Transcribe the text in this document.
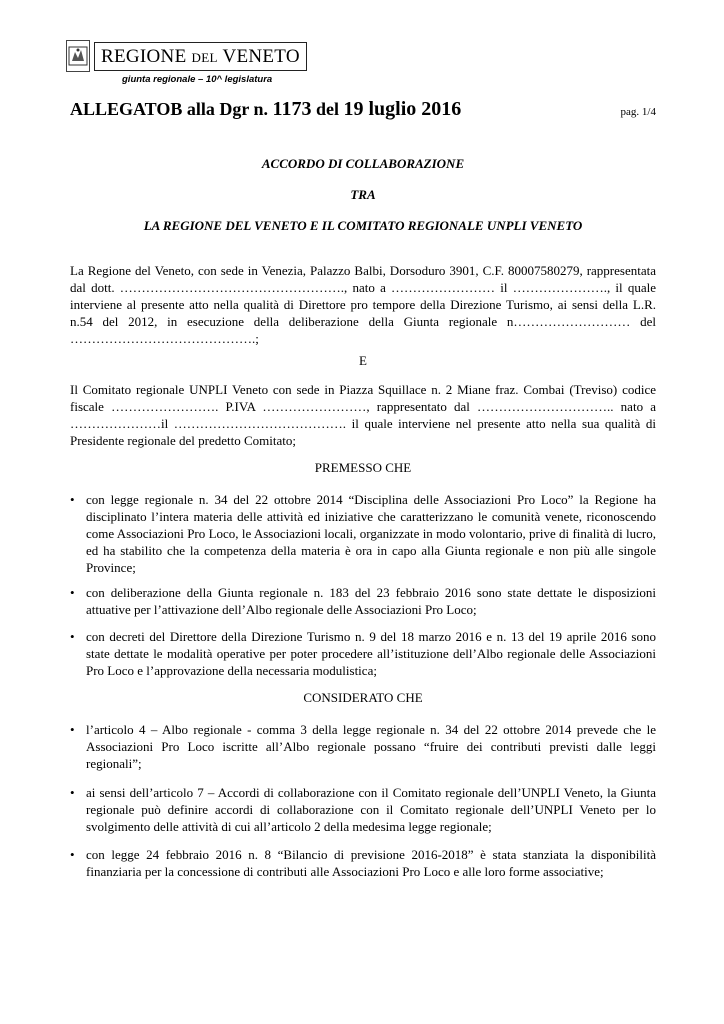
REGIONE DEL VENETO
giunta regionale – 10^ legislatura
ALLEGATOB alla Dgr n. 1173 del 19 luglio 2016	pag. 1/4
ACCORDO DI COLLABORAZIONE
TRA
LA REGIONE DEL VENETO E IL COMITATO REGIONALE UNPLI VENETO
La Regione del Veneto, con sede in Venezia, Palazzo Balbi, Dorsoduro 3901, C.F. 80007580279, rappresentata dal dott. ……………………………………………., nato a …………………… il …………………., il quale interviene al presente atto nella qualità di Direttore pro tempore della Direzione Turismo, ai sensi della L.R. n.54 del 2012, in esecuzione della deliberazione della Giunta regionale n……………………… del …………………………………….;
E
Il Comitato regionale UNPLI Veneto con sede in Piazza Squillace n. 2 Miane fraz. Combai (Treviso) codice fiscale ……………………. P.IVA ……………………, rappresentato dal ………………………….. nato a …………………il …………………………………. il quale interviene nel presente atto nella sua qualità di Presidente regionale del predetto Comitato;
PREMESSO CHE
• con legge regionale n. 34 del 22 ottobre 2014 “Disciplina delle Associazioni Pro Loco” la Regione ha disciplinato l’intera materia delle attività ed iniziative che caratterizzano le comunità venete, riconoscendo come Associazioni Pro Loco, le Associazioni locali, organizzate in modo volontario, prive di finalità di lucro, ed ha stabilito che la competenza della materia è ora in capo alla Giunta regionale e non più alle singole Province;
• con deliberazione della Giunta regionale n. 183 del 23 febbraio 2016 sono state dettate le disposizioni attuative per l’attivazione dell’Albo regionale delle Associazioni Pro Loco;
• con decreti del Direttore della Direzione Turismo n. 9 del 18 marzo 2016 e n. 13 del 19 aprile 2016 sono state dettate le modalità operative per poter procedere all’istituzione dell’Albo regionale delle Associazioni Pro Loco e l’approvazione della necessaria modulistica;
CONSIDERATO CHE
• l’articolo 4 – Albo regionale - comma 3 della legge regionale n. 34 del 22 ottobre 2014 prevede che le Associazioni Pro Loco iscritte all’Albo regionale possano “fruire dei contributi previsti dalle leggi regionali”;
• ai sensi dell’articolo 7 – Accordi di collaborazione con il Comitato regionale dell’UNPLI Veneto, la Giunta regionale può definire accordi di collaborazione con il Comitato regionale dell’UNPLI Veneto per lo svolgimento delle attività di cui all’articolo 2 della medesima legge regionale;
• con legge 24 febbraio 2016 n. 8 “Bilancio di previsione 2016-2018” è stata stanziata la disponibilità finanziaria per la concessione di contributi alle Associazioni Pro Loco e alle loro forme associative;
